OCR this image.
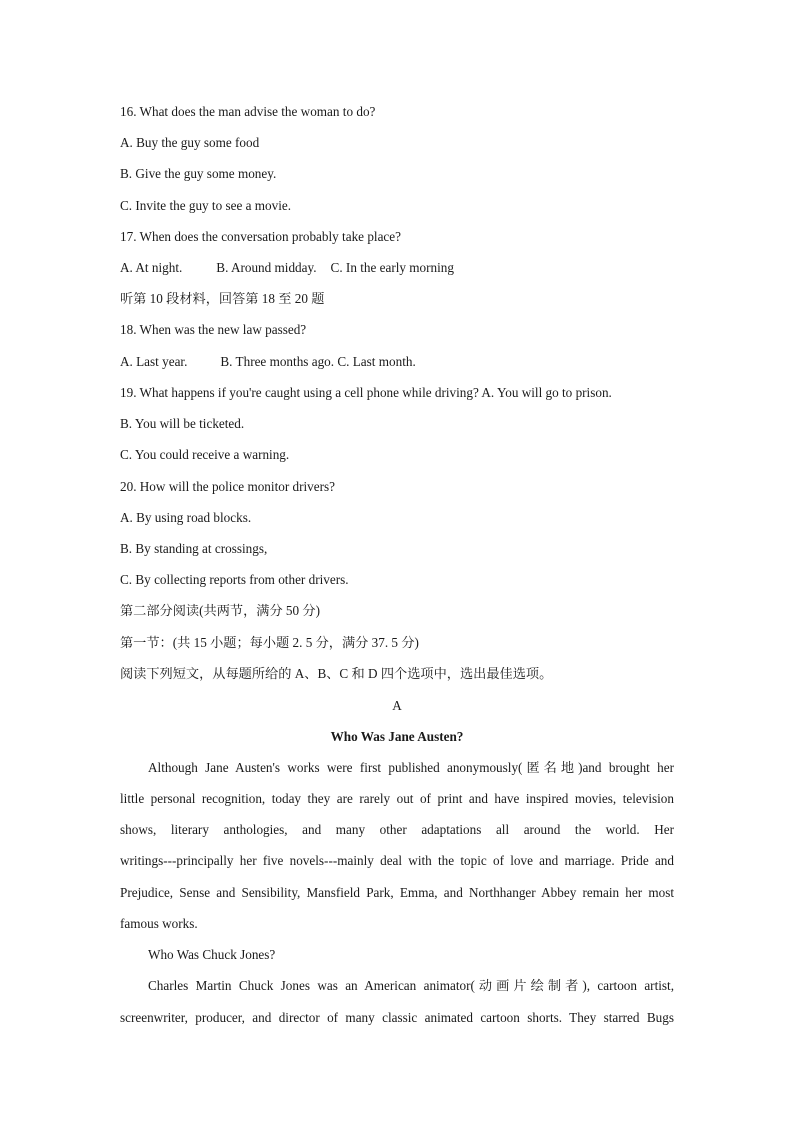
16. What does the man advise the woman to do?
A. Buy the guy some food
B. Give the guy some money.
C. Invite the guy to see a movie.
17. When does the conversation probably take place?
A. At night.	B. Around midday. C. In the early morning
听第 10 段材料，回答第 18 至 20 题
18. When was the new law passed?
A. Last year.	B. Three months ago. C. Last month.
19. What happens if you're caught using a cell phone while driving? A. You will go to prison.
B. You will be ticketed.
C. You could receive a warning.
20. How will the police monitor drivers?
A. By using road blocks.
B. By standing at crossings,
C. By collecting reports from other drivers.
第二部分阅读(共两节，满分 50 分)
第一节：(共 15 小题；每小题 2. 5 分，满分 37. 5 分)
阅读下列短文，从每题所给的 A、B、C 和 D 四个选项中，选出最佳选项。
A
Who Was Jane Austen?
Although Jane Austen's works were first published anonymously(匿名地)and brought her
little personal recognition, today they are rarely out of print and have inspired movies, television
shows, literary anthologies, and many other adaptations all around the world. Her
writings---principally her five novels---mainly deal with the topic of love and marriage. Pride and
Prejudice, Sense and Sensibility, Mansfield Park, Emma, and Northhanger Abbey remain her most
famous works.
Who Was Chuck Jones?
Charles Martin Chuck Jones was an American animator(动画片绘制者), cartoon artist,
screenwriter, producer, and director of many classic animated cartoon shorts. They starred Bugs
